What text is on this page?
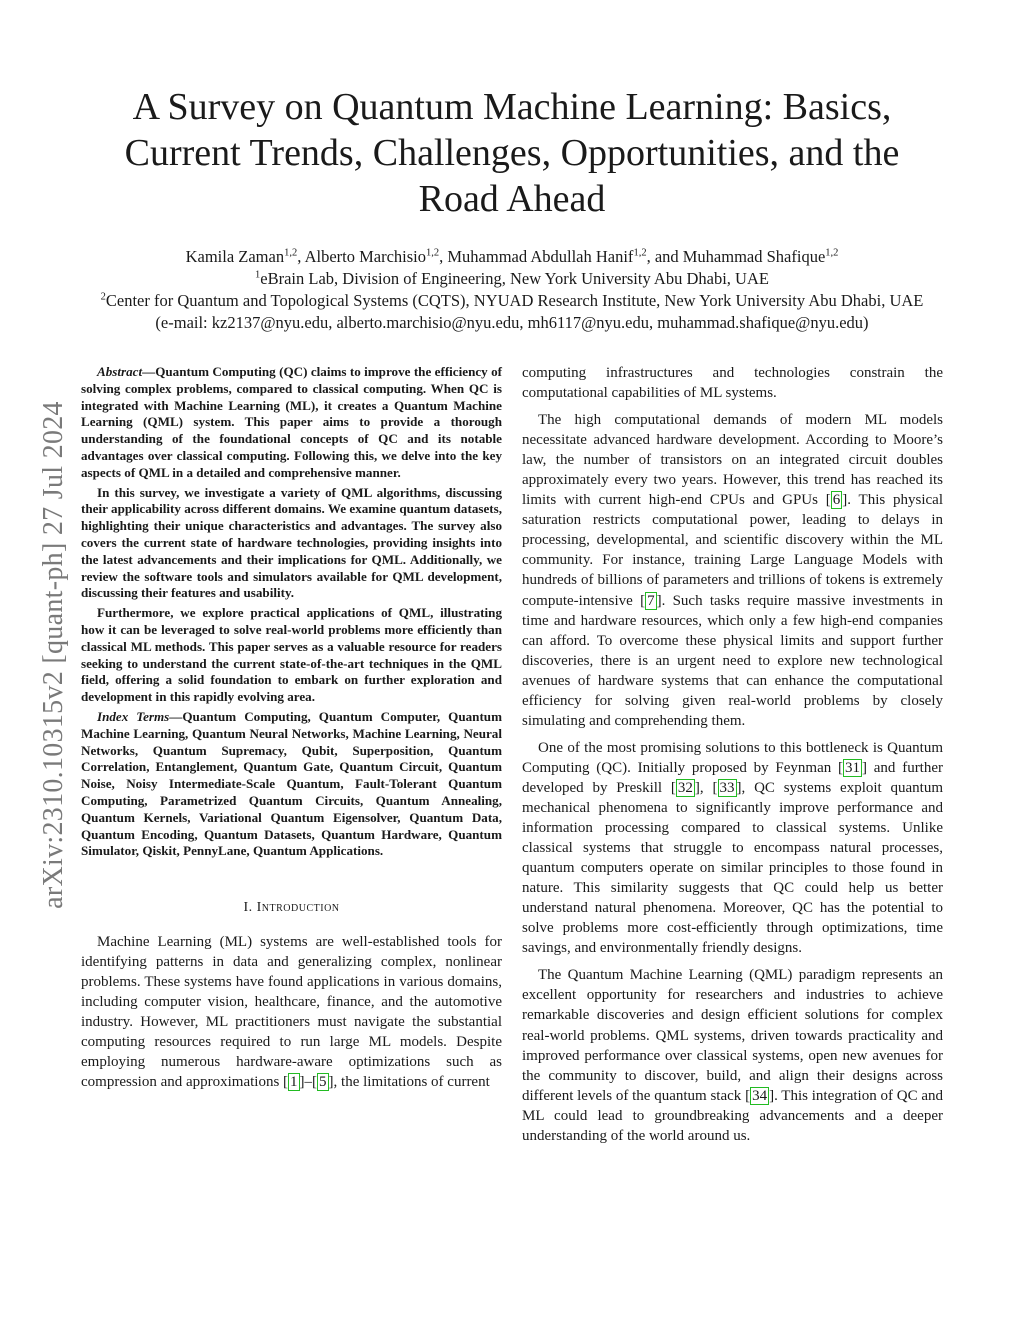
A Survey on Quantum Machine Learning: Basics,
Current Trends, Challenges, Opportunities, and the
Road Ahead
Kamila Zaman$^{1,2}$, Alberto Marchisio$^{1,2}$, Muhammad Abdullah Hanif$^{1,2}$, and Muhammad Shafique$^{1,2}$
$^1$eBrain Lab, Division of Engineering, New York University Abu Dhabi, UAE
$^2$Center for Quantum and Topological Systems (CQTS), NYUAD Research Institute, New York University Abu Dhabi, UAE
(e-mail: kz2137@nyu.edu, alberto.marchisio@nyu.edu, mh6117@nyu.edu, muhammad.shafique@nyu.edu)
arXiv:2310.10315v2 [quant-ph] 27 Jul 2024

Abstract—Quantum Computing (QC) claims to improve the efficiency of solving complex problems, compared to classical computing. When QC is integrated with Machine Learning (ML), it creates a Quantum Machine Learning (QML) system. This paper aims to provide a thorough understanding of the foundational concepts of QC and its notable advantages over classical computing. Following this, we delve into the key aspects of QML in a detailed and comprehensive manner.

In this survey, we investigate a variety of QML algorithms, discussing their applicability across different domains. We examine quantum datasets, highlighting their unique characteristics and advantages. The survey also covers the current state of hardware technologies, providing insights into the latest advancements and their implications for QML. Additionally, we review the software tools and simulators available for QML development, discussing their features and usability.

Furthermore, we explore practical applications of QML, illustrating how it can be leveraged to solve real-world problems more efficiently than classical ML methods. This paper serves as a valuable resource for readers seeking to understand the current state-of-the-art techniques in the QML field, offering a solid foundation to embark on further exploration and development in this rapidly evolving area.

Index Terms—Quantum Computing, Quantum Computer, Quantum Machine Learning, Quantum Neural Networks, Machine Learning, Neural Networks, Quantum Supremacy, Qubit, Superposition, Quantum Correlation, Entanglement, Quantum Gate, Quantum Circuit, Quantum Noise, Noisy Intermediate-Scale Quantum, Fault-Tolerant Quantum Computing, Parametrized Quantum Circuits, Quantum Annealing, Quantum Kernels, Variational Quantum Eigensolver, Quantum Data, Quantum Encoding, Quantum Datasets, Quantum Hardware, Quantum Simulator, Qiskit, PennyLane, Quantum Applications.

I. Introduction

Machine Learning (ML) systems are well-established tools for identifying patterns in data and generalizing complex, nonlinear problems. These systems have found applications in various domains, including computer vision, healthcare, finance, and the automotive industry. However, ML practitioners must navigate the substantial computing resources required to run large ML models. Despite employing numerous hardware-aware optimizations such as compression and approximations [ 1 ]–[ 5 ], the limitations of current

computing infrastructures and technologies constrain the computational capabilities of ML systems.

The high computational demands of modern ML models necessitate advanced hardware development. According to Moore’s law, the number of transistors on an integrated circuit doubles approximately every two years. However, this trend has reached its limits with current high-end CPUs and GPUs [ 6 ]. This physical saturation restricts computational power, leading to delays in processing, developmental, and scientific discovery within the ML community. For instance, training Large Language Models with hundreds of billions of parameters and trillions of tokens is extremely compute-intensive [ 7 ]. Such tasks require massive investments in time and hardware resources, which only a few high-end companies can afford. To overcome these physical limits and support further discoveries, there is an urgent need to explore new technological avenues of hardware systems that can enhance the computational efficiency for solving given real-world problems by closely simulating and comprehending them.

One of the most promising solutions to this bottleneck is Quantum Computing (QC). Initially proposed by Feynman [ 31 ] and further developed by Preskill [ 32 ], [ 33 ], QC systems exploit quantum mechanical phenomena to significantly improve performance and information processing compared to classical systems. Unlike classical systems that struggle to encompass natural processes, quantum computers operate on similar principles to those found in nature. This similarity suggests that QC could help us better understand natural phenomena. Moreover, QC has the potential to solve problems more cost-efficiently through optimizations, time savings, and environmentally friendly designs.

The Quantum Machine Learning (QML) paradigm represents an excellent opportunity for researchers and industries to achieve remarkable discoveries and design efficient solutions for complex real-world problems. QML systems, driven towards practicality and improved performance over classical systems, open new avenues for the community to discover, build, and align their designs across different levels of the quantum stack [ 34 ]. This integration of QC and ML could lead to groundbreaking advancements and a deeper understanding of the world around us.
